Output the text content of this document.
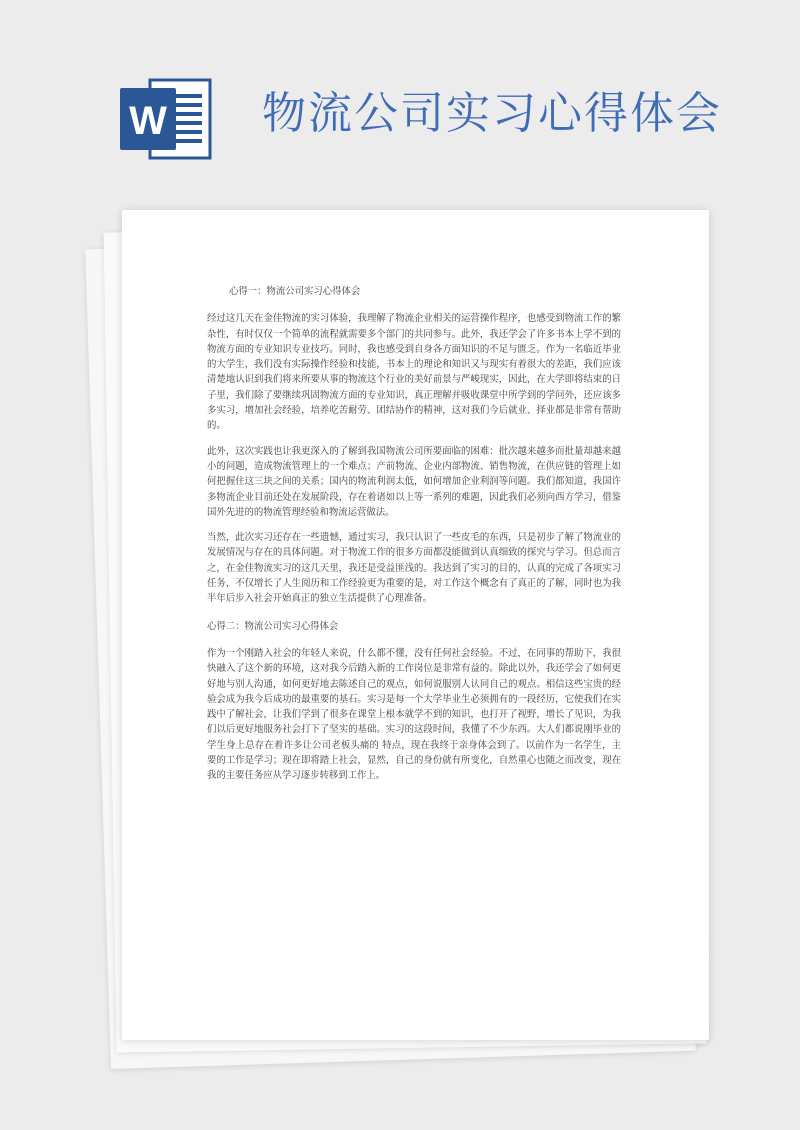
W 物流公司实习心得体会

心得一：物流公司实习心得体会

经过这几天在金佳物流的实习体验，我理解了物流企业相关的运营操作程序，也感受到物流工作的繁杂性，有时仅仅一个简单的流程就需要多个部门的共同参与。此外，我还学会了许多书本上学不到的物流方面的专业知识专业技巧。同时，我也感受到自身各方面知识的不足与匮乏。作为一名临近毕业的大学生，我们没有实际操作经验和技能，书本上的理论和知识又与现实有着很大的差距，我们应该清楚地认识到我们将来所要从事的物流这个行业的美好前景与严峻现实，因此，在大学即将结束的日子里，我们除了要继续巩固物流方面的专业知识，真正理解并吸收课堂中所学到的学问外，还应该多多实习，增加社会经验，培养吃苦耐劳、团结协作的精神，这对我们今后就业、择业都是非常有帮助的。

此外，这次实践也让我更深入的了解到我国物流公司所要面临的困难：批次越来越多而批量却越来越小的问题，造成物流管理上的一个难点；产前物流、企业内部物流、销售物流，在供应链的管理上如何把握住这三块之间的关系；国内的物流利润太低，如何增加企业利润等问题。我们都知道，我国许多物流企业目前还处在发展阶段，存在着诸如以上等一系列的难题，因此我们必须向西方学习，借鉴国外先进的的物流管理经验和物流运营做法。

当然，此次实习还存在一些遗憾，通过实习，我只认识了一些皮毛的东西，只是初步了解了物流业的发展情况与存在的具体问题。对于物流工作的很多方面都没能做到认真细致的探究与学习。但总而言之，在金佳物流实习的这几天里，我还是受益匪浅的。我达到了实习的目的，认真的完成了各项实习任务，不仅增长了人生阅历和工作经验更为重要的是，对工作这个概念有了真正的了解，同时也为我半年后步入社会开始真正的独立生活提供了心理准备。

心得二：物流公司实习心得体会

作为一个刚踏入社会的年轻人来说，什么都不懂，没有任何社会经验。不过，在同事的帮助下，我很快融入了这个新的环境，这对我今后踏入新的工作岗位是非常有益的。除此以外，我还学会了如何更好地与别人沟通，如何更好地去陈述自己的观点，如何说服别人认同自己的观点。相信这些宝贵的经验会成为我今后成功的最重要的基石。实习是每一个大学毕业生必须拥有的一段经历，它使我们在实践中了解社会，让我们学到了很多在课堂上根本就学不到的知识，也打开了视野，增长了见识，为我们以后更好地服务社会打下了坚实的基础。实习的这段时间，我懂了不少东西。大人们都说刚毕业的学生身上总存在着许多让公司老板头痛的 特点，现在我终于亲身体会到了。以前作为一名学生，主要的工作是学习；现在即将踏上社会，显然，自己的身份就有所变化，自然重心也随之而改变，现在我的主要任务应从学习逐步转移到工作上。
